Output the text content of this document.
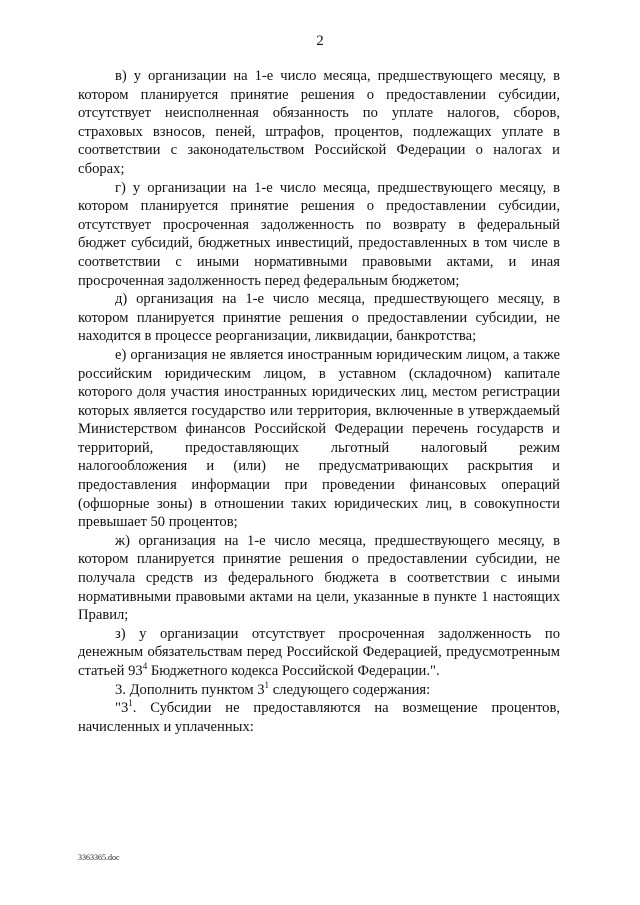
2

в) у организации на 1-е число месяца, предшествующего месяцу, в котором планируется принятие решения о предоставлении субсидии, отсутствует неисполненная обязанность по уплате налогов, сборов, страховых взносов, пеней, штрафов, процентов, подлежащих уплате в соответствии с законодательством Российской Федерации о налогах и сборах;

г) у организации на 1-е число месяца, предшествующего месяцу, в котором планируется принятие решения о предоставлении субсидии, отсутствует просроченная задолженность по возврату в федеральный бюджет субсидий, бюджетных инвестиций, предоставленных в том числе в соответствии с иными нормативными правовыми актами, и иная просроченная задолженность перед федеральным бюджетом;

д) организация на 1-е число месяца, предшествующего месяцу, в котором планируется принятие решения о предоставлении субсидии, не находится в процессе реорганизации, ликвидации, банкротства;

е) организация не является иностранным юридическим лицом, а также российским юридическим лицом, в уставном (складочном) капитале которого доля участия иностранных юридических лиц, местом регистрации которых является государство или территория, включенные в утверждаемый Министерством финансов Российской Федерации перечень государств и территорий, предоставляющих льготный налоговый режим налогообложения и (или) не предусматривающих раскрытия и предоставления информации при проведении финансовых операций (офшорные зоны) в отношении таких юридических лиц, в совокупности превышает 50 процентов;

ж) организация на 1-е число месяца, предшествующего месяцу, в котором планируется принятие решения о предоставлении субсидии, не получала средств из федерального бюджета в соответствии с иными нормативными правовыми актами на цели, указанные в пункте 1 настоящих Правил;

з) у организации отсутствует просроченная задолженность по денежным обязательствам перед Российской Федерацией, предусмотренным статьей $93^4$ Бюджетного кодекса Российской Федерации.".

3. Дополнить пунктом $3^1$ следующего содержания:

"$3^1$. Субсидии не предоставляются на возмещение процентов, начисленных и уплаченных:

3363365.doc
